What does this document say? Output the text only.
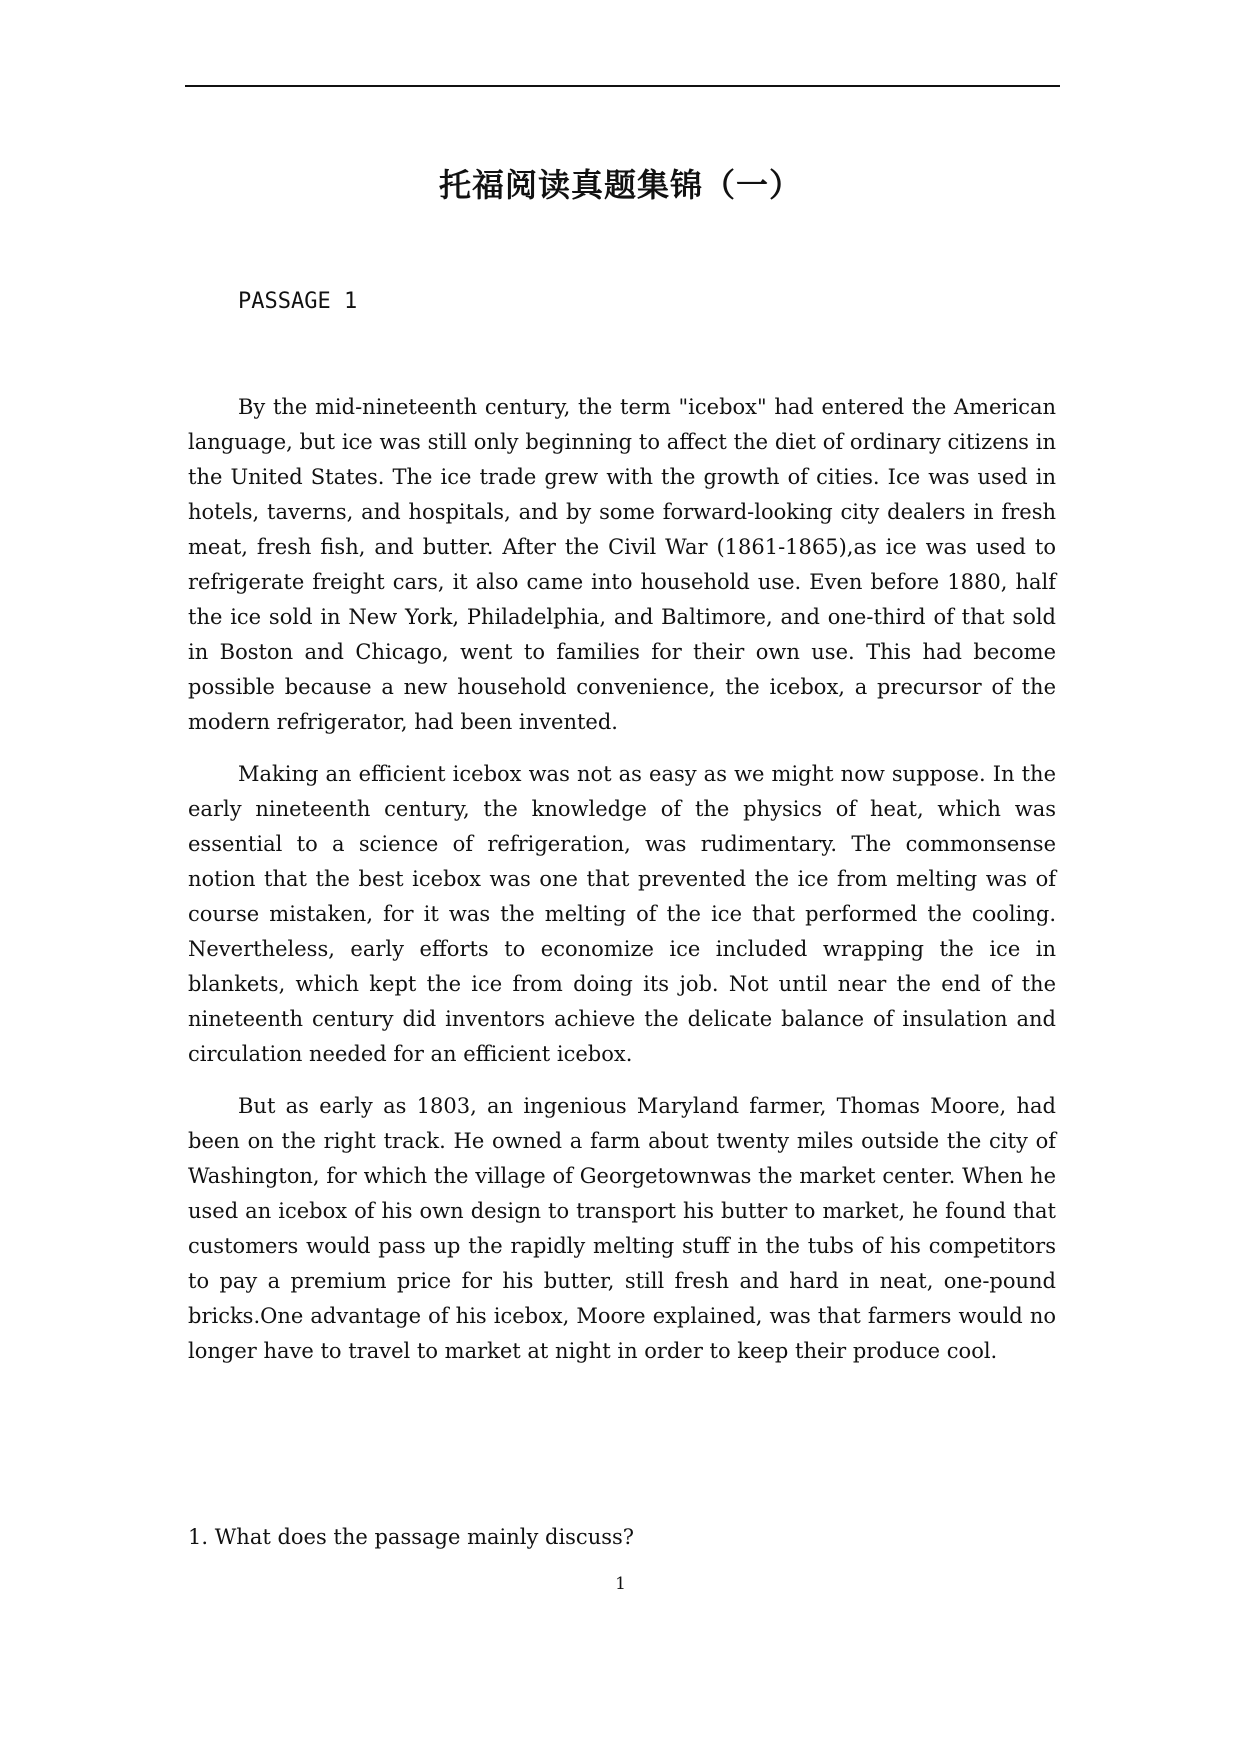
托福阅读真题集锦（一）
PASSAGE 1

By the mid-nineteenth century, the term "icebox" had entered the American language, but ice was still only beginning to affect the diet of ordinary citizens in the United States. The ice trade grew with the growth of cities. Ice was used in hotels, taverns, and hospitals, and by some forward-looking city dealers in fresh meat, fresh fish, and butter. After the Civil War (1861-1865),as ice was used to refrigerate freight cars, it also came into household use. Even before 1880, half the ice sold in New York, Philadelphia, and Baltimore, and one-third of that sold in Boston and Chicago, went to families for their own use. This had become possible because a new household convenience, the icebox, a precursor of the modern refrigerator, had been invented.

Making an efficient icebox was not as easy as we might now suppose. In the early nineteenth century, the knowledge of the physics of heat, which was essential to a science of refrigeration, was rudimentary. The commonsense notion that the best icebox was one that prevented the ice from melting was of course mistaken, for it was the melting of the ice that performed the cooling. Nevertheless, early efforts to economize ice included wrapping the ice in blankets, which kept the ice from doing its job. Not until near the end of the nineteenth century did inventors achieve the delicate balance of insulation and circulation needed for an efficient icebox.

But as early as 1803, an ingenious Maryland farmer, Thomas Moore, had been on the right track. He owned a farm about twenty miles outside the city of Washington, for which the village of Georgetownwas the market center. When he used an icebox of his own design to transport his butter to market, he found that customers would pass up the rapidly melting stuff in the tubs of his competitors to pay a premium price for his butter, still fresh and hard in neat, one-pound bricks.One advantage of his icebox, Moore explained, was that farmers would no longer have to travel to market at night in order to keep their produce cool.

1. What does the passage mainly discuss?
1
